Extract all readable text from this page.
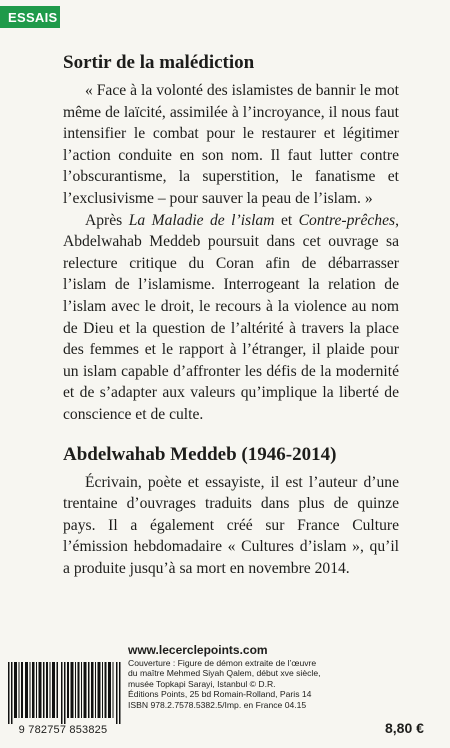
ESSAIS
Sortir de la malédiction

« Face à la volonté des islamistes de bannir le mot même de laïcité, assimilée à l’incroyance, il nous faut intensifier le combat pour le restaurer et légitimer l’action conduite en son nom. Il faut lutter contre l’obscurantisme, la superstition, le fanatisme et l’exclusivisme – pour sauver la peau de l’islam. »

Après La Maladie de l’islam et Contre-prêches, Abdelwahab Meddeb poursuit dans cet ouvrage sa relecture critique du Coran afin de débarrasser l’islam de l’islamisme. Interrogeant la relation de l’islam avec le droit, le recours à la violence au nom de Dieu et la question de l’altérité à travers la place des femmes et le rapport à l’étranger, il plaide pour un islam capable d’affronter les défis de la modernité et de s’adapter aux valeurs qu’implique la liberté de conscience et de culte.

Abdelwahab Meddeb (1946-2014)

Écrivain, poète et essayiste, il est l’auteur d’une trentaine d’ouvrages traduits dans plus de quinze pays. Il a également créé sur France Culture l’émission hebdomadaire « Cultures d’islam », qu’il a produite jusqu’à sa mort en novembre 2014.

www.lecerclepoints.com
Couverture : Figure de démon extraite de l’œuvre
du maître Mehmed Siyah Qalem, début xve siècle,
musée Topkapi Sarayi, Istanbul © D.R.
Éditions Points, 25 bd Romain-Rolland, Paris 14
ISBN 978.2.7578.5382.5/Imp. en France 04.15
9 782757 853825	8,80 €
